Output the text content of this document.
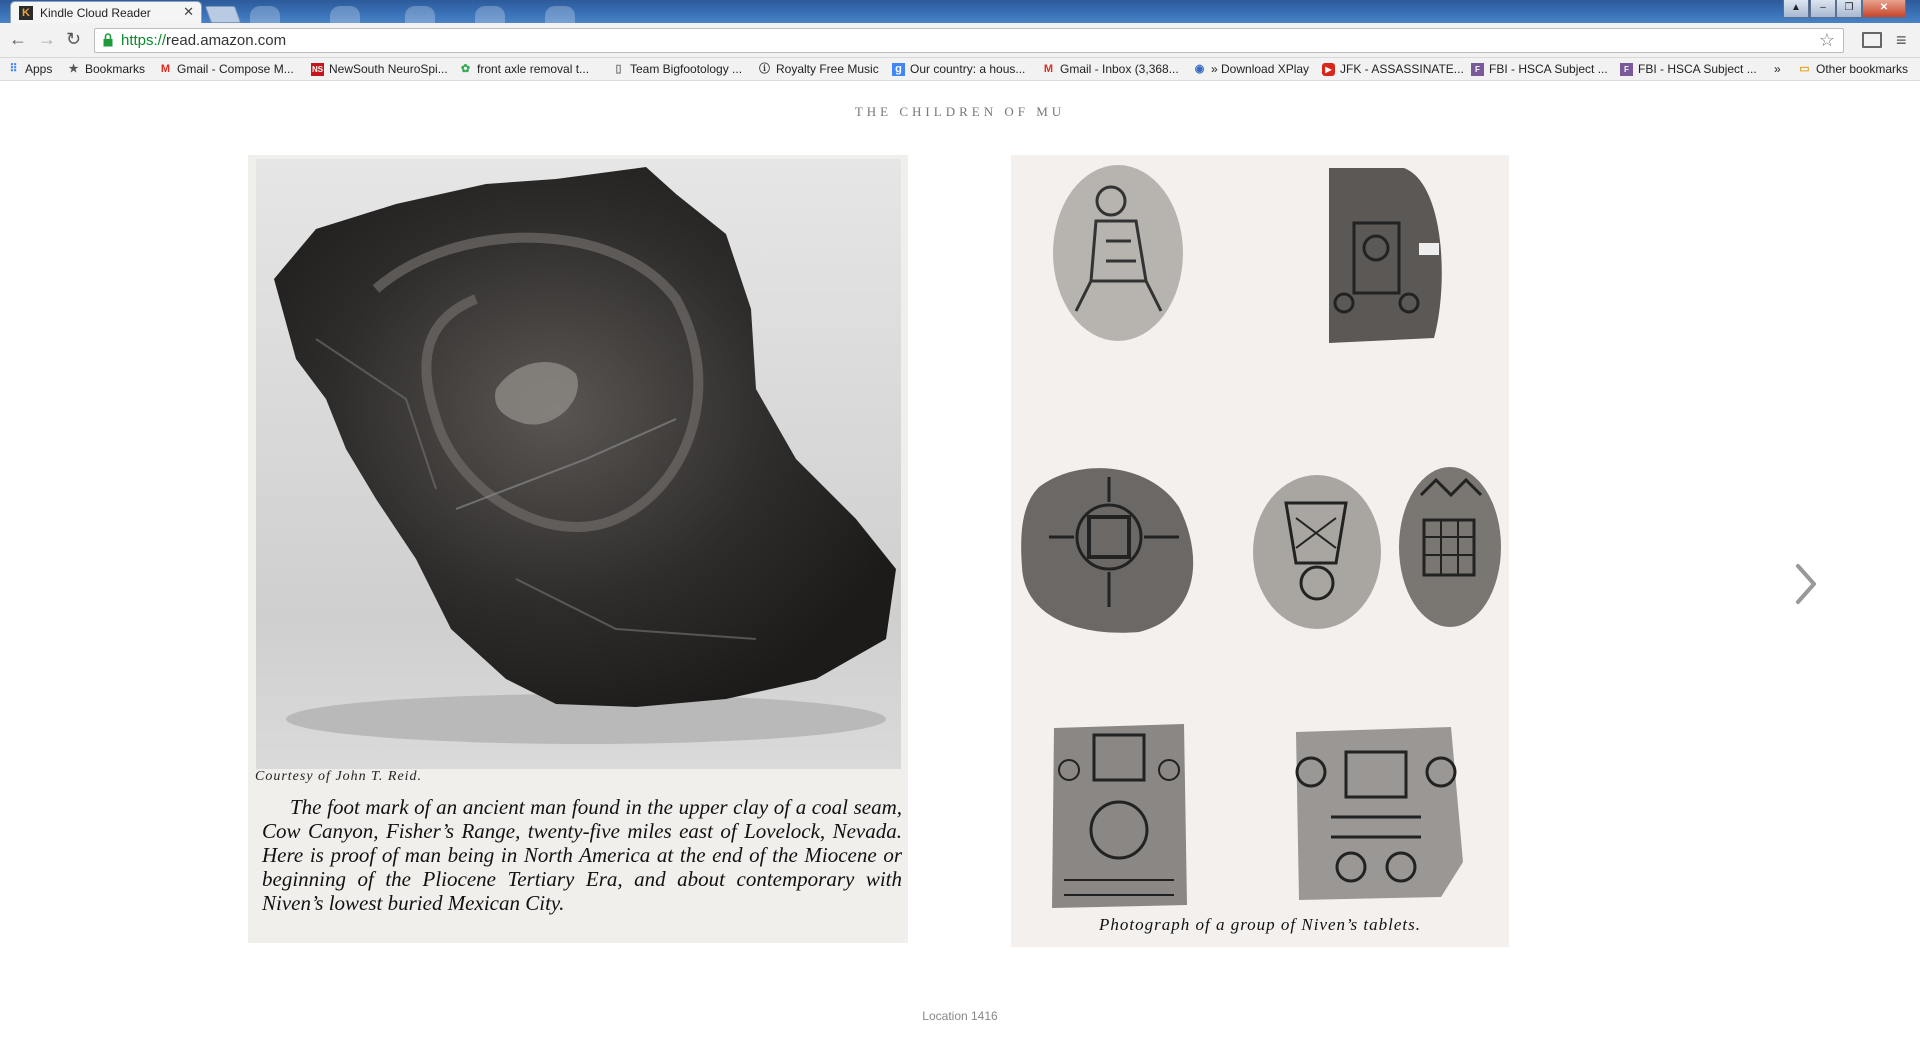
K Kindle Cloud Reader ✕	▲	–	❐	✕
← → ↻	https://read.amazon.com	☆	≡
⠿ Apps ★ Bookmarks M Gmail - Compose M... NS NewSouth NeuroSpi... ✿ front axle removal t...	▯ Team Bigfootology ... ⓘ Royalty Free Music g Our country: a hous... M Gmail - Inbox (3,368... ◉ » Download XPlay	▶ JFK - ASSASSINATE...	F FBI - HSCA Subject ...	F FBI - HSCA Subject ... » ▭ Other bookmarks
THE CHILDREN OF MU
Courtesy of John T. Reid.
The foot mark of an ancient man found in the upper clay of a coal seam, Cow Canyon, Fisher’s Range, twenty-five miles east of Lovelock, Nevada. Here is proof of man being in North America at the end of the Miocene or beginning of the Pliocene Tertiary Era, and about contemporary with Niven’s lowest buried Mexican City.
Photograph of a group of Niven’s tablets.
Location 1416
